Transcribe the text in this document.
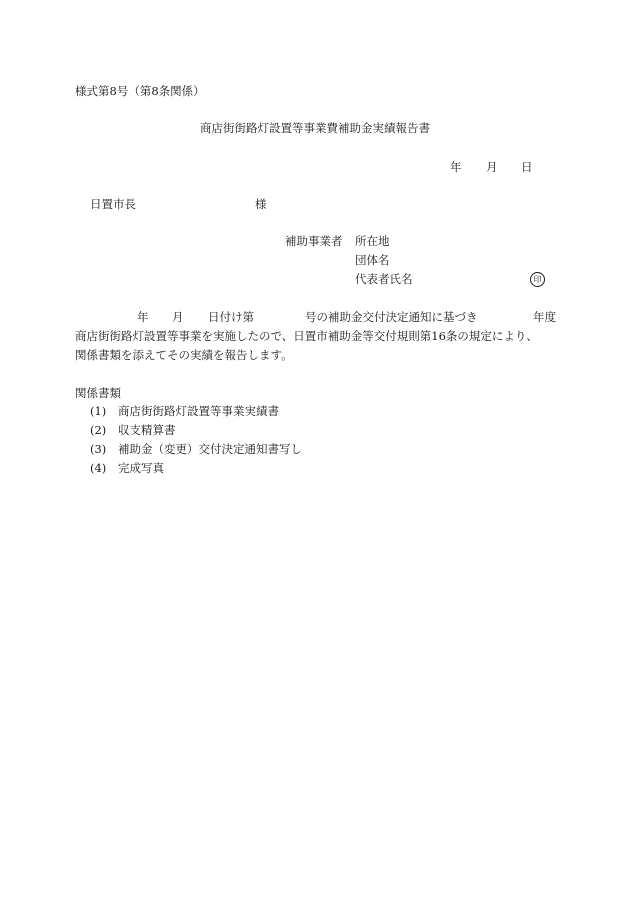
様式第8号（第8条関係）
商店街街路灯設置等事業費補助金実績報告書
年 月 日
日置市長	様
補助事業者 所在地
団体名
代表者氏名	印
年 月 日付け第	号の補助金交付決定通知に基づき	年度
商店街街路灯設置等事業を実施したので、日置市補助金等交付規則第16条の規定により、
関係書類を添えてその実績を報告します。
関係書類
(1) 商店街街路灯設置等事業実績書
(2) 収支精算書
(3) 補助金（変更）交付決定通知書写し
(4) 完成写真
